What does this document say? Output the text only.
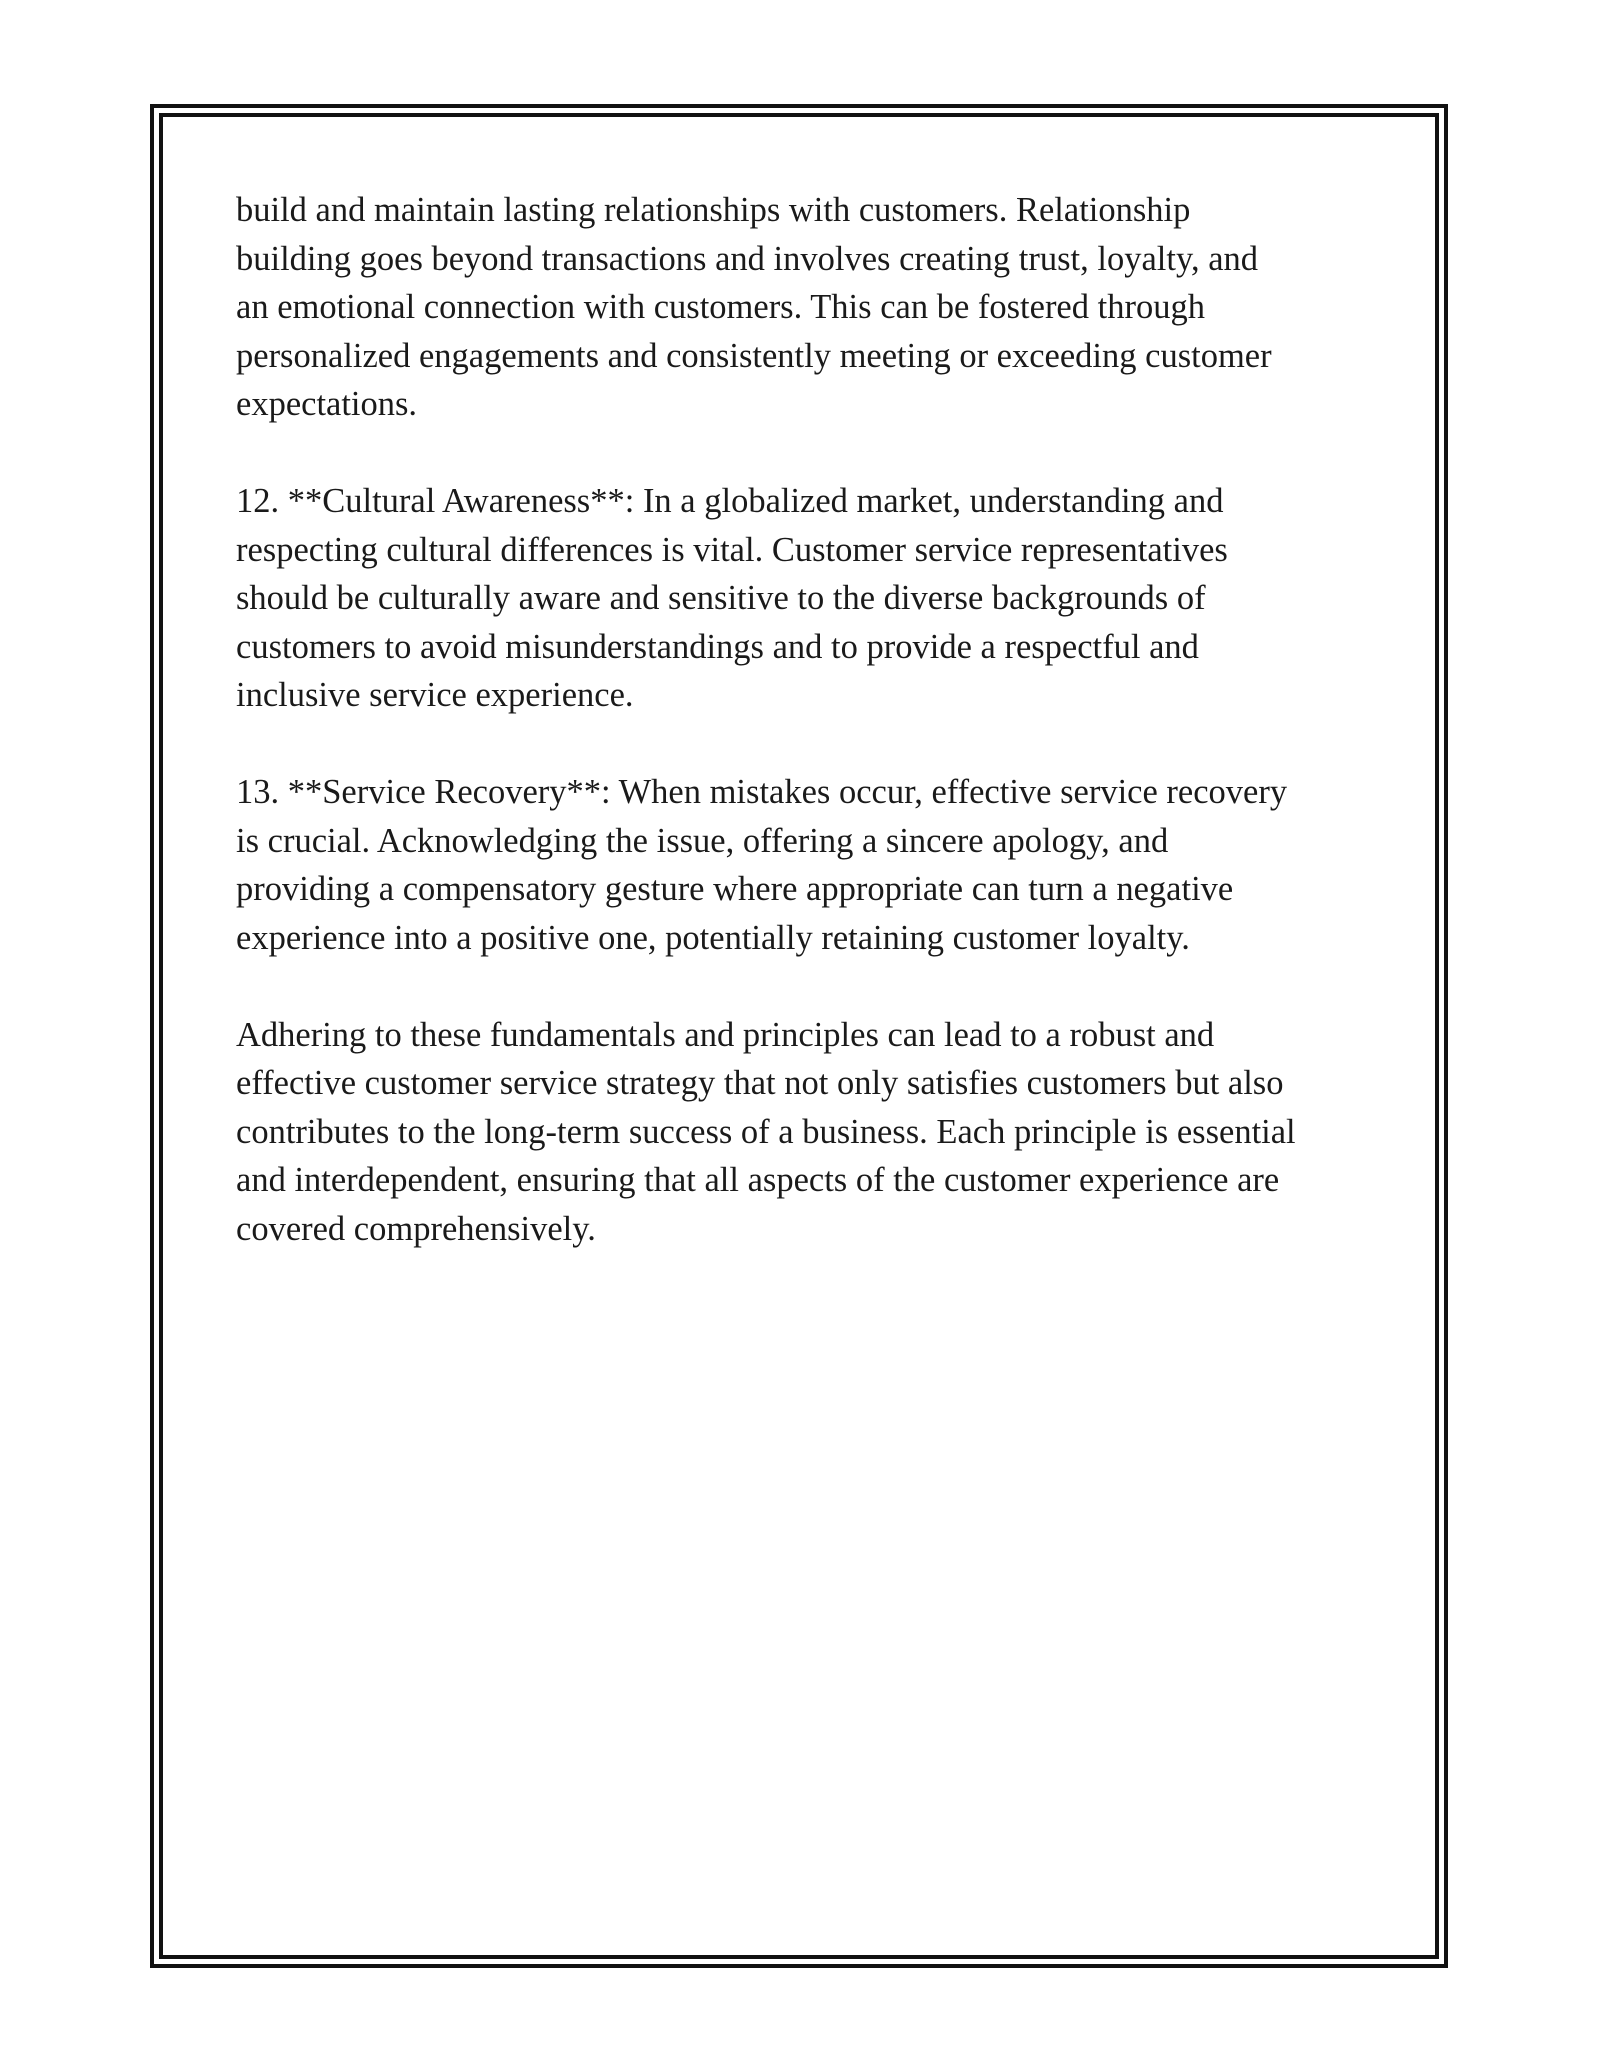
build and maintain lasting relationships with customers. Relationship
building goes beyond transactions and involves creating trust, loyalty, and
an emotional connection with customers. This can be fostered through
personalized engagements and consistently meeting or exceeding customer
expectations.

12. **Cultural Awareness**: In a globalized market, understanding and
respecting cultural differences is vital. Customer service representatives
should be culturally aware and sensitive to the diverse backgrounds of
customers to avoid misunderstandings and to provide a respectful and
inclusive service experience.

13. **Service Recovery**: When mistakes occur, effective service recovery
is crucial. Acknowledging the issue, offering a sincere apology, and
providing a compensatory gesture where appropriate can turn a negative
experience into a positive one, potentially retaining customer loyalty.

Adhering to these fundamentals and principles can lead to a robust and
effective customer service strategy that not only satisfies customers but also
contributes to the long-term success of a business. Each principle is essential
and interdependent, ensuring that all aspects of the customer experience are
covered comprehensively.
